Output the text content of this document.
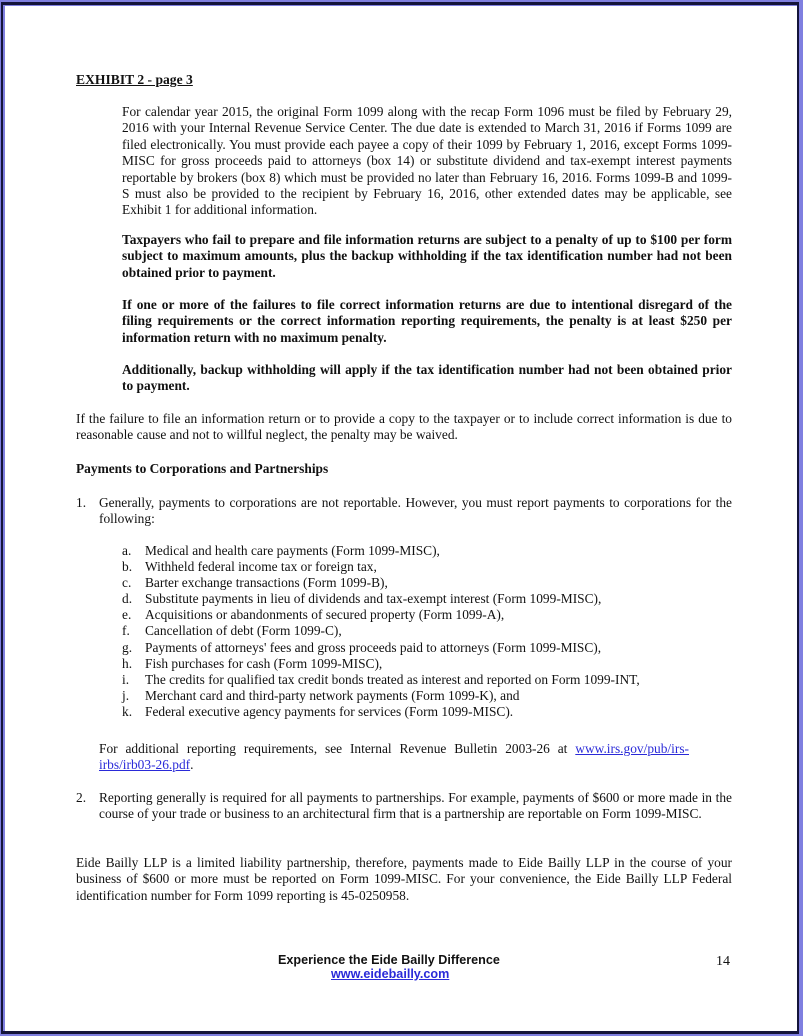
EXHIBIT 2 - page 3
For calendar year 2015, the original Form 1099 along with the recap Form 1096 must be filed by February 29, 2016 with your Internal Revenue Service Center. The due date is extended to March 31, 2016 if Forms 1099 are filed electronically. You must provide each payee a copy of their 1099 by February 1, 2016, except Forms 1099-MISC for gross proceeds paid to attorneys (box 14) or substitute dividend and tax-exempt interest payments reportable by brokers (box 8) which must be provided no later than February 16, 2016. Forms 1099-B and 1099-S must also be provided to the recipient by February 16, 2016, other extended dates may be applicable, see Exhibit 1 for additional information.
Taxpayers who fail to prepare and file information returns are subject to a penalty of up to $100 per form subject to maximum amounts, plus the backup withholding if the tax identification number had not been obtained prior to payment.
If one or more of the failures to file correct information returns are due to intentional disregard of the filing requirements or the correct information reporting requirements, the penalty is at least $250 per information return with no maximum penalty.
Additionally, backup withholding will apply if the tax identification number had not been obtained prior to payment.
If the failure to file an information return or to provide a copy to the taxpayer or to include correct information is due to reasonable cause and not to willful neglect, the penalty may be waived.
Payments to Corporations and Partnerships
1. Generally, payments to corporations are not reportable. However, you must report payments to corporations for the following:
a. Medical and health care payments (Form 1099-MISC),
b. Withheld federal income tax or foreign tax,
c. Barter exchange transactions (Form 1099-B),
d. Substitute payments in lieu of dividends and tax-exempt interest (Form 1099-MISC),
e. Acquisitions or abandonments of secured property (Form 1099-A),
f. Cancellation of debt (Form 1099-C),
g. Payments of attorneys' fees and gross proceeds paid to attorneys (Form 1099-MISC),
h. Fish purchases for cash (Form 1099-MISC),
i. The credits for qualified tax credit bonds treated as interest and reported on Form 1099-INT,
j. Merchant card and third-party network payments (Form 1099-K), and
k. Federal executive agency payments for services (Form 1099-MISC).
For additional reporting requirements, see Internal Revenue Bulletin 2003-26 at www.irs.gov/pub/irs-irbs/irb03-26.pdf.
2. Reporting generally is required for all payments to partnerships. For example, payments of $600 or more made in the course of your trade or business to an architectural firm that is a partnership are reportable on Form 1099-MISC.
Eide Bailly LLP is a limited liability partnership, therefore, payments made to Eide Bailly LLP in the course of your business of $600 or more must be reported on Form 1099-MISC. For your convenience, the Eide Bailly LLP Federal identification number for Form 1099 reporting is 45-0250958.
Experience the Eide Bailly Difference
www.eidebailly.com
14
